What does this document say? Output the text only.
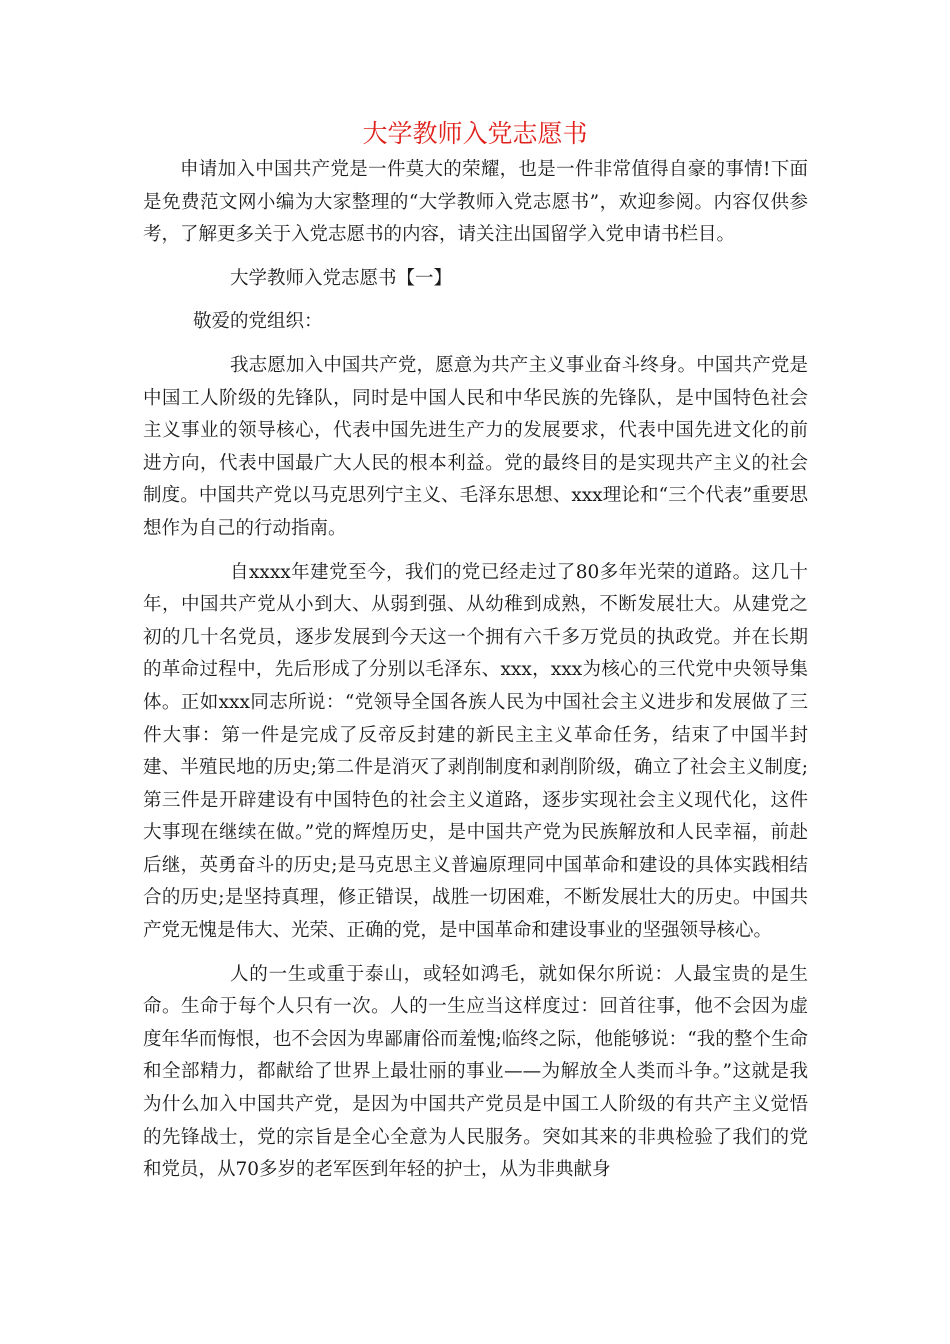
大学教师入党志愿书

申请加入中国共产党是一件莫大的荣耀，也是一件非常值得自豪的事情!下面是免费范文网小编为大家整理的“大学教师入党志愿书”，欢迎参阅。内容仅供参考，了解更多关于入党志愿书的内容，请关注出国留学入党申请书栏目。

大学教师入党志愿书【一】

敬爱的党组织：

我志愿加入中国共产党，愿意为共产主义事业奋斗终身。中国共产党是中国工人阶级的先锋队，同时是中国人民和中华民族的先锋队，是中国特色社会主义事业的领导核心，代表中国先进生产力的发展要求，代表中国先进文化的前进方向，代表中国最广大人民的根本利益。党的最终目的是实现共产主义的社会制度。中国共产党以马克思列宁主义、毛泽东思想、xxx理论和“三个代表”重要思想作为自己的行动指南。

自xxxx年建党至今，我们的党已经走过了80多年光荣的道路。这几十年，中国共产党从小到大、从弱到强、从幼稚到成熟，不断发展壮大。从建党之初的几十名党员，逐步发展到今天这一个拥有六千多万党员的执政党。并在长期的革命过程中，先后形成了分别以毛泽东、xxx，xxx为核心的三代党中央领导集体。正如xxx同志所说：“党领导全国各族人民为中国社会主义进步和发展做了三件大事：第一件是完成了反帝反封建的新民主主义革命任务，结束了中国半封建、半殖民地的历史;第二件是消灭了剥削制度和剥削阶级，确立了社会主义制度;第三件是开辟建设有中国特色的社会主义道路，逐步实现社会主义现代化，这件大事现在继续在做。”党的辉煌历史，是中国共产党为民族解放和人民幸福，前赴后继，英勇奋斗的历史;是马克思主义普遍原理同中国革命和建设的具体实践相结合的历史;是坚持真理，修正错误，战胜一切困难，不断发展壮大的历史。中国共产党无愧是伟大、光荣、正确的党，是中国革命和建设事业的坚强领导核心。

人的一生或重于泰山，或轻如鸿毛，就如保尔所说：人最宝贵的是生命。生命于每个人只有一次。人的一生应当这样度过：回首往事，他不会因为虚度年华而悔恨，也不会因为卑鄙庸俗而羞愧;临终之际，他能够说：“我的整个生命和全部精力，都献给了世界上最壮丽的事业——为解放全人类而斗争。”这就是我为什么加入中国共产党，是因为中国共产党员是中国工人阶级的有共产主义觉悟的先锋战士，党的宗旨是全心全意为人民服务。突如其来的非典检验了我们的党和党员，从70多岁的老军医到年轻的护士，从为非典献身
